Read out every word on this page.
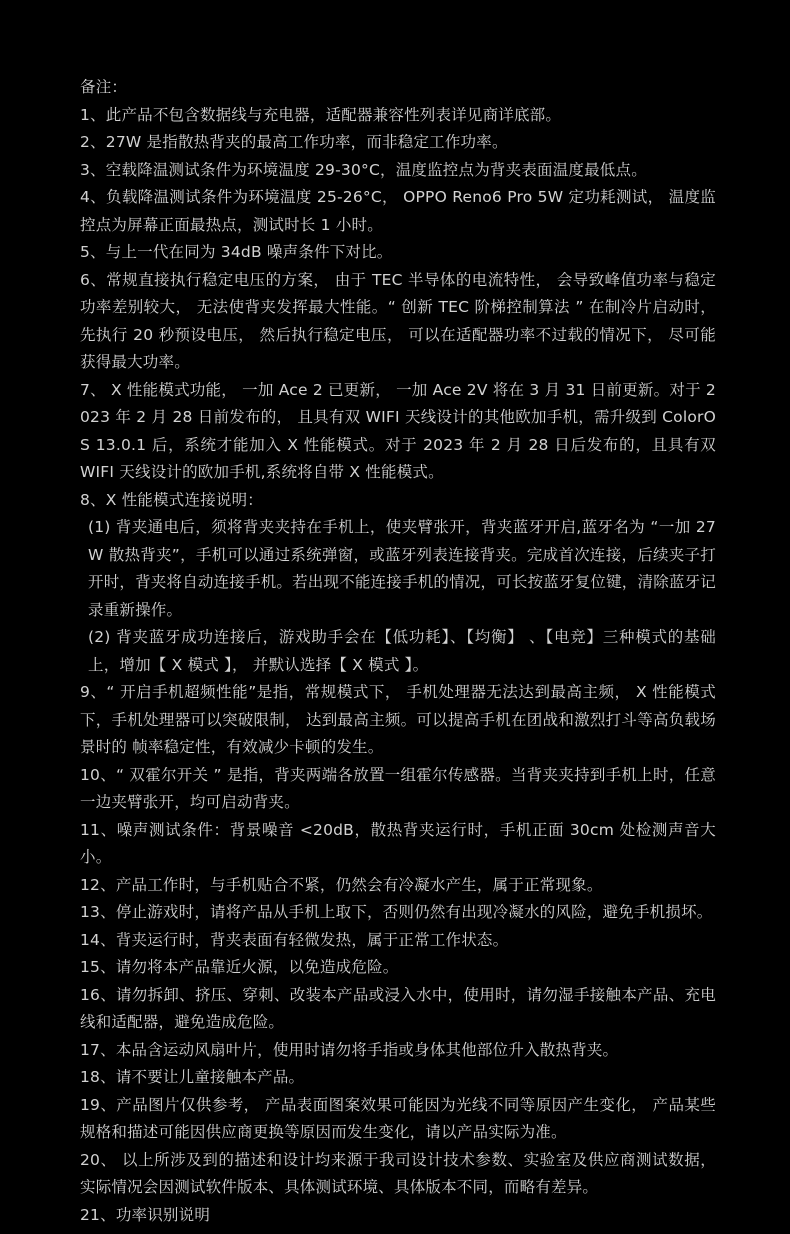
备注：
1、此产品不包含数据线与充电器，适配器兼容性列表详见商详底部。
2、27W 是指散热背夹的最高工作功率，而非稳定工作功率。
3、空载降温测试条件为环境温度 29-30°C，温度监控点为背夹表面温度最低点。
4、负载降温测试条件为环境温度 25-26°C， OPPO Reno6 Pro 5W 定功耗测试， 温度监控点为屏幕正面最热点，测试时长 1 小时。
5、与上一代在同为 34dB 噪声条件下对比。
6、常规直接执行稳定电压的方案， 由于 TEC 半导体的电流特性， 会导致峰值功率与稳定功率差别较大， 无法使背夹发挥最大性能。“ 创新 TEC 阶梯控制算法 ” 在制冷片启动时， 先执行 20 秒预设电压， 然后执行稳定电压， 可以在适配器功率不过载的情况下， 尽可能获得最大功率。
7、 X 性能模式功能， 一加 Ace 2 已更新， 一加 Ace 2V 将在 3 月 31 日前更新。对于 2023 年 2 月 28 日前发布的， 且具有双 WIFI 天线设计的其他欧加手机，需升级到 ColorOS 13.0.1 后，系统才能加入 X 性能模式。对于 2023 年 2 月 28 日后发布的，且具有双 WIFI 天线设计的欧加手机,系统将自带 X 性能模式。
8、X 性能模式连接说明：
(1) 背夹通电后，须将背夹夹持在手机上，使夹臂张开，背夹蓝牙开启,蓝牙名为 “一加 27W 散热背夹”，手机可以通过系统弹窗，或蓝牙列表连接背夹。完成首次连接，后续夹子打开时，背夹将自动连接手机。若出现不能连接手机的情况，可长按蓝牙复位键，清除蓝牙记录重新操作。
(2) 背夹蓝牙成功连接后，游戏助手会在【低功耗】、【均衡】 、【电竞】三种模式的基础上，增加【 X 模式 】， 并默认选择【 X 模式 】。
9、“ 开启手机超频性能”是指，常规模式下， 手机处理器无法达到最高主频， X 性能模式下，手机处理器可以突破限制， 达到最高主频。可以提高手机在团战和激烈打斗等高负载场景时的 帧率稳定性，有效减少卡顿的发生。
10、“ 双霍尔开关 ” 是指，背夹两端各放置一组霍尔传感器。当背夹夹持到手机上时，任意一边夹臂张开，均可启动背夹。
11、噪声测试条件：背景噪音 <20dB，散热背夹运行时，手机正面 30cm 处检测声音大小。
12、产品工作时，与手机贴合不紧，仍然会有冷凝水产生，属于正常现象。
13、停止游戏时，请将产品从手机上取下，否则仍然有出现冷凝水的风险，避免手机损坏。
14、背夹运行时，背夹表面有轻微发热，属于正常工作状态。
15、请勿将本产品靠近火源，以免造成危险。
16、请勿拆卸、挤压、穿刺、改装本产品或浸入水中，使用时，请勿湿手接触本产品、充电线和适配器，避免造成危险。
17、本品含运动风扇叶片，使用时请勿将手指或身体其他部位升入散热背夹。
18、请不要让儿童接触本产品。
19、产品图片仅供参考， 产品表面图案效果可能因为光线不同等原因产生变化， 产品某些规格和描述可能因供应商更换等原因而发生变化，请以产品实际为准。
20、 以上所涉及到的描述和设计均来源于我司设计技术参数、实验室及供应商测试数据， 实际情况会因测试软件版本、具体测试环境、具体版本不同，而略有差异。
21、功率识别说明
